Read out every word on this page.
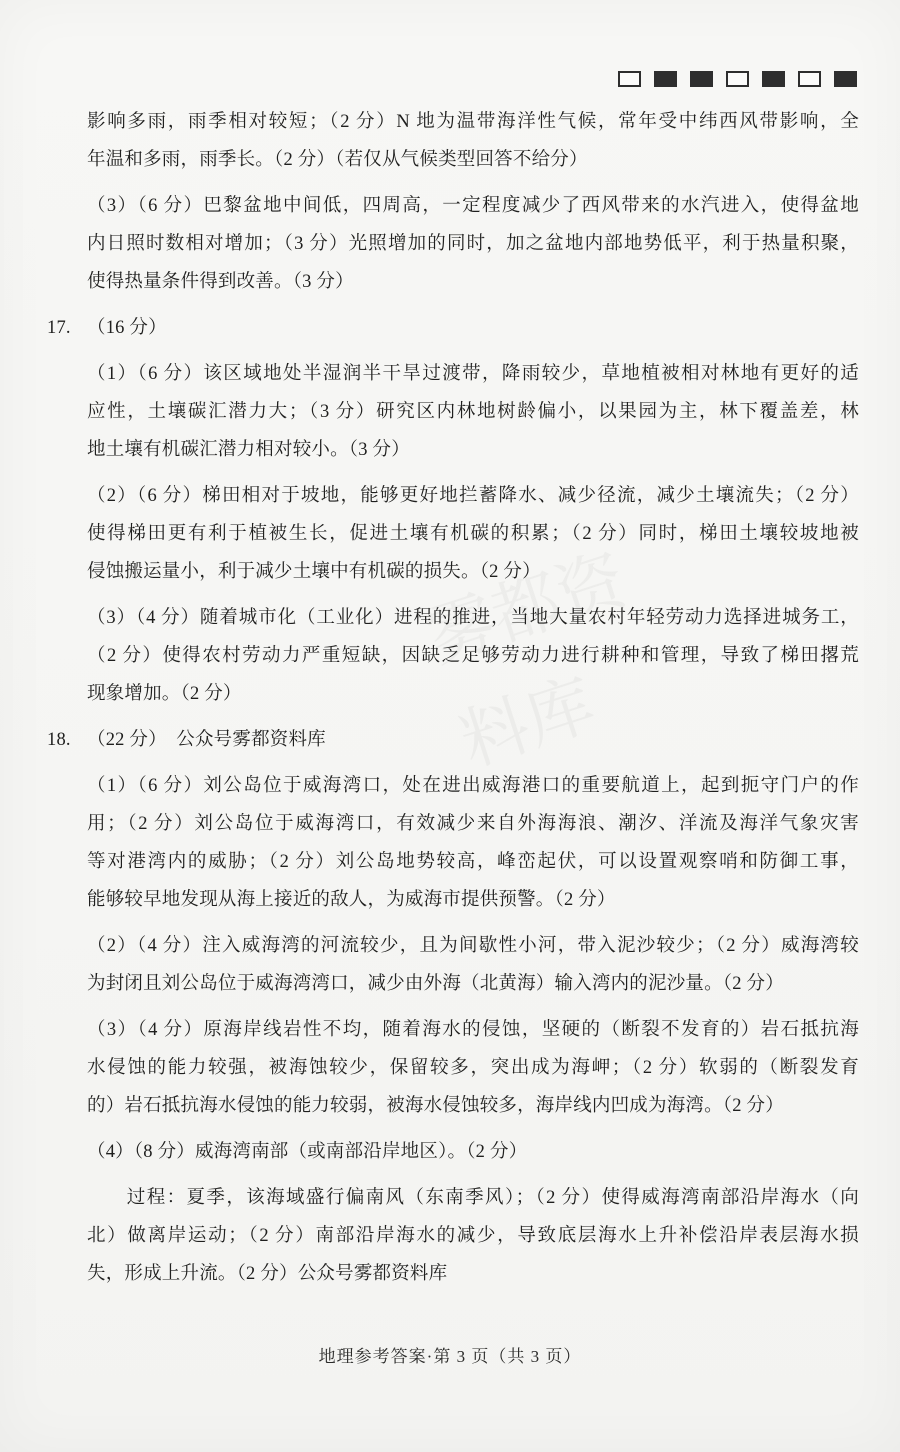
影响多雨，雨季相对较短；（2 分）N 地为温带海洋性气候，常年受中纬西风带影响，全
年温和多雨，雨季长。（2 分）（若仅从气候类型回答不给分）
（3）（6 分）巴黎盆地中间低，四周高，一定程度减少了西风带来的水汽进入，使得盆地
内日照时数相对增加；（3 分）光照增加的同时，加之盆地内部地势低平，利于热量积聚，
使得热量条件得到改善。（3 分）
17. （16 分）
（1）（6 分）该区域地处半湿润半干旱过渡带，降雨较少，草地植被相对林地有更好的适
应性，土壤碳汇潜力大；（3 分）研究区内林地树龄偏小，以果园为主，林下覆盖差，林
地土壤有机碳汇潜力相对较小。（3 分）
（2）（6 分）梯田相对于坡地，能够更好地拦蓄降水、减少径流，减少土壤流失；（2 分）
使得梯田更有利于植被生长，促进土壤有机碳的积累；（2 分）同时，梯田土壤较坡地被
侵蚀搬运量小，利于减少土壤中有机碳的损失。（2 分）
（3）（4 分）随着城市化（工业化）进程的推进，当地大量农村年轻劳动力选择进城务工，
（2 分）使得农村劳动力严重短缺，因缺乏足够劳动力进行耕种和管理，导致了梯田撂荒
现象增加。（2 分）
18. （22 分）　公众号雾都资料库
（1）（6 分）刘公岛位于威海湾口，处在进出威海港口的重要航道上，起到扼守门户的作
用；（2 分）刘公岛位于威海湾口，有效减少来自外海海浪、潮汐、洋流及海洋气象灾害
等对港湾内的威胁；（2 分）刘公岛地势较高，峰峦起伏，可以设置观察哨和防御工事，
能够较早地发现从海上接近的敌人，为威海市提供预警。（2 分）
（2）（4 分）注入威海湾的河流较少，且为间歇性小河，带入泥沙较少；（2 分）威海湾较
为封闭且刘公岛位于威海湾湾口，减少由外海（北黄海）输入湾内的泥沙量。（2 分）
（3）（4 分）原海岸线岩性不均，随着海水的侵蚀，坚硬的（断裂不发育的）岩石抵抗海
水侵蚀的能力较强，被海蚀较少，保留较多，突出成为海岬；（2 分）软弱的（断裂发育
的）岩石抵抗海水侵蚀的能力较弱，被海水侵蚀较多，海岸线内凹成为海湾。（2 分）
（4）（8 分）威海湾南部（或南部沿岸地区）。（2 分）
　　过程：夏季，该海域盛行偏南风（东南季风）；（2 分）使得威海湾南部沿岸海水（向
北）做离岸运动；（2 分）南部沿岸海水的减少，导致底层海水上升补偿沿岸表层海水损
失，形成上升流。（2 分）公众号雾都资料库
地理参考答案·第 3 页（共 3 页）
